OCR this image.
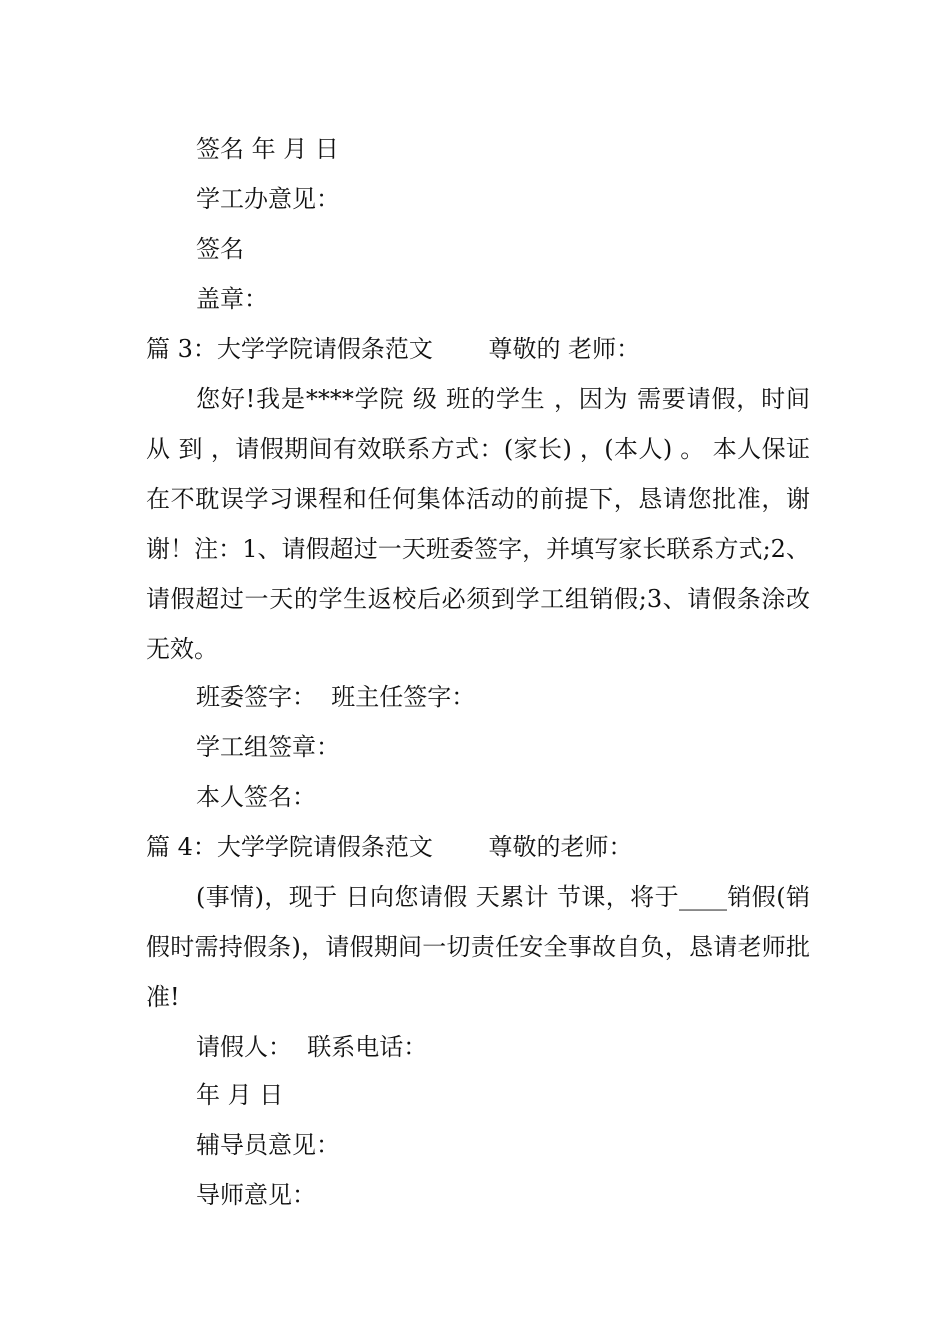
签名 年 月 日

学工办意见：

签名

盖章：

篇 3：大学学院请假条范文　　 尊敬的 老师：

您好!我是****学院 级 班的学生 ，因为 需要请假，时间从 到 ，请假期间有效联系方式：(家长) ，(本人) 。 本人保证在不耽误学习课程和任何集体活动的前提下，恳请您批准，谢谢！注：1、请假超过一天班委签字，并填写家长联系方式;2、请假超过一天的学生返校后必须到学工组销假;3、请假条涂改无效。

班委签字：  班主任签字：

学工组签章：

本人签名：

篇 4：大学学院请假条范文　　 尊敬的老师：

(事情)，现于 日向您请假 天累计 节课，将于____销假(销假时需持假条)，请假期间一切责任安全事故自负，恳请老师批准!

请假人：  联系电话：

年 月 日

辅导员意见：

导师意见：
